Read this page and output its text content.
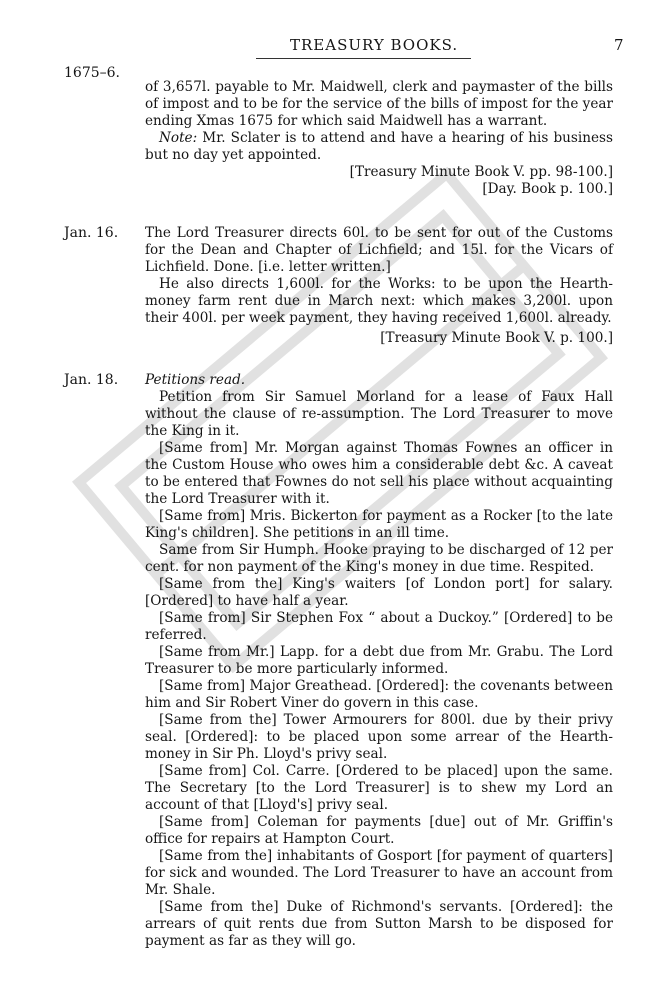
TREASURY BOOKS.	7
1675–6.

of 3,657l. payable to Mr. Maidwell, clerk and paymaster of the bills of impost and to be for the service of the bills of impost for the year ending Xmas 1675 for which said Maidwell has a warrant.

Note: Mr. Sclater is to attend and have a hearing of his business but no day yet appointed.

[Treasury Minute Book V. pp. 98-100.]

[Day. Book p. 100.]

Jan. 16. The Lord Treasurer directs 60l. to be sent for out of the Customs for the Dean and Chapter of Lichfield; and 15l. for the Vicars of Lichfield. Done. [i.e. letter written.]

He also directs 1,600l. for the Works: to be upon the Hearth-money farm rent due in March next: which makes 3,200l. upon their 400l. per week payment, they having received 1,600l. already.

[Treasury Minute Book V. p. 100.]

Jan. 18. Petitions read.

Petition from Sir Samuel Morland for a lease of Faux Hall without the clause of re-assumption. The Lord Treasurer to move the King in it.

[Same from] Mr. Morgan against Thomas Fownes an officer in the Custom House who owes him a considerable debt &c. A caveat to be entered that Fownes do not sell his place without acquainting the Lord Treasurer with it.

[Same from] Mris. Bickerton for payment as a Rocker [to the late King's children]. She petitions in an ill time.

Same from Sir Humph. Hooke praying to be discharged of 12 per cent. for non payment of the King's money in due time. Respited.

[Same from the] King's waiters [of London port] for salary. [Ordered] to have half a year.

[Same from] Sir Stephen Fox “ about a Duckoy.” [Ordered] to be referred.

[Same from Mr.] Lapp. for a debt due from Mr. Grabu. The Lord Treasurer to be more particularly informed.

[Same from] Major Greathead. [Ordered]: the covenants between him and Sir Robert Viner do govern in this case.

[Same from the] Tower Armourers for 800l. due by their privy seal. [Ordered]: to be placed upon some arrear of the Hearth-money in Sir Ph. Lloyd's privy seal.

[Same from] Col. Carre. [Ordered to be placed] upon the same. The Secretary [to the Lord Treasurer] is to shew my Lord an account of that [Lloyd's] privy seal.

[Same from] Coleman for payments [due] out of Mr. Griffin's office for repairs at Hampton Court.

[Same from the] inhabitants of Gosport [for payment of quarters] for sick and wounded. The Lord Treasurer to have an account from Mr. Shale.

[Same from the] Duke of Richmond's servants. [Ordered]: the arrears of quit rents due from Sutton Marsh to be disposed for payment as far as they will go.
